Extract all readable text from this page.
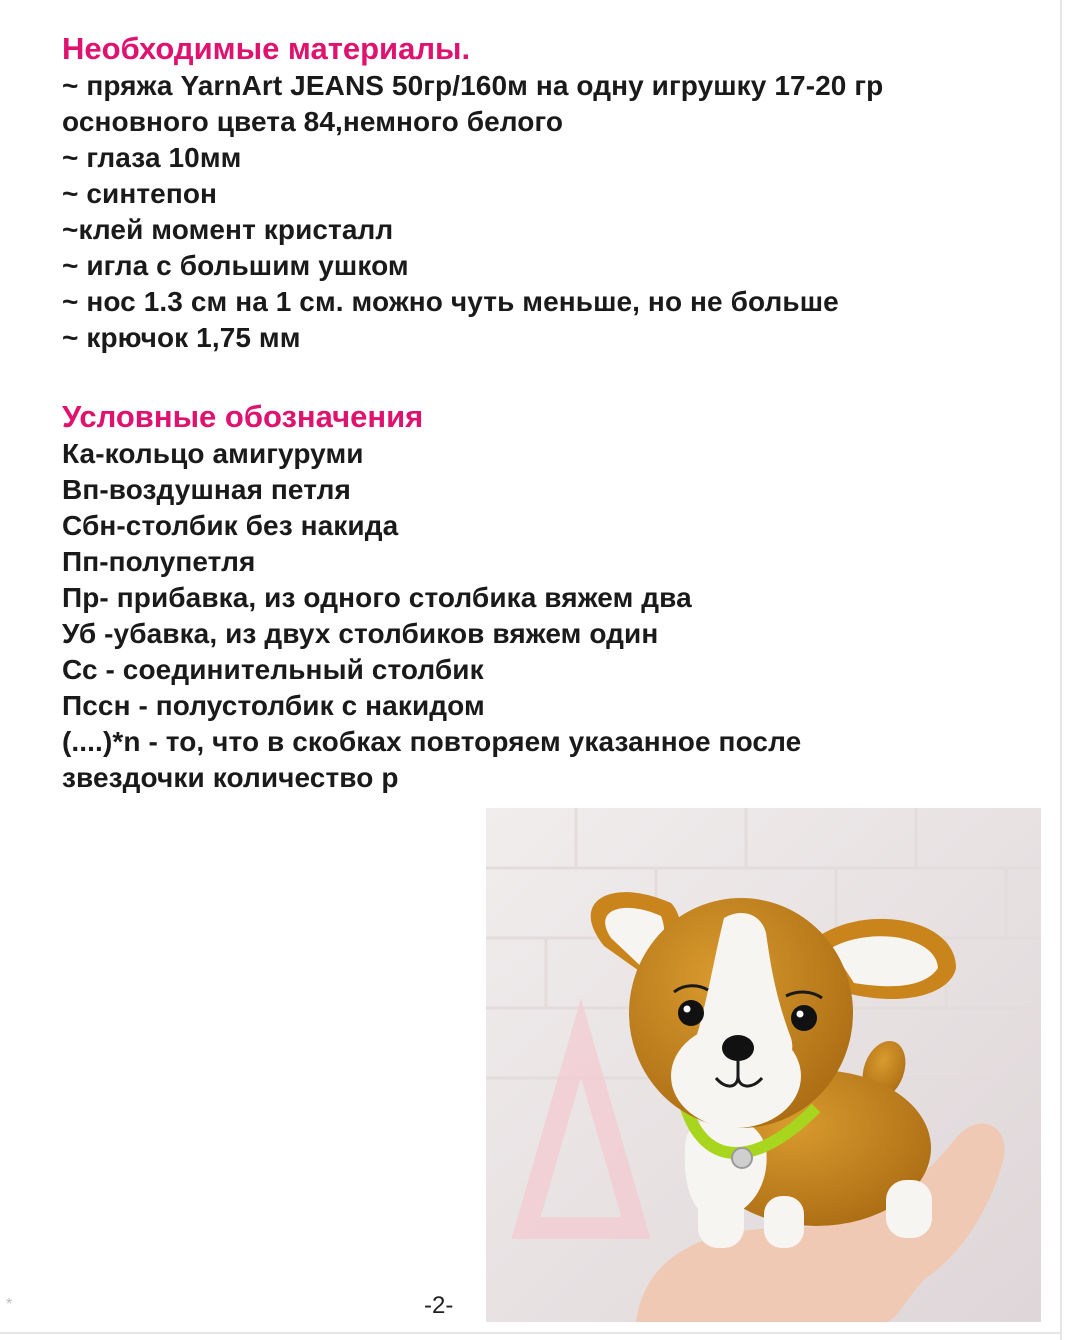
Необходимые материалы.
~ пряжа YarnArt JEANS 50гр/160м на одну игрушку 17-20 гр
основного цвета 84,немного белого
~ глаза 10мм
~ синтепон
~клей момент кристалл
~ игла с большим ушком
~ нос 1.3 см на 1 см. можно чуть меньше, но не больше
~ крючок 1,75 мм
Условные обозначения
Ка-кольцо амигуруми
Вп-воздушная петля
Сбн-столбик без накида
Пп-полупетля
Пр- прибавка, из одного столбика вяжем два
Уб -убавка, из двух столбиков вяжем один
Сс - соединительный столбик
Пссн - полустолбик с накидом
(....)*n - то, что в скобках повторяем указанное после
звездочки количество р
-2-
*
